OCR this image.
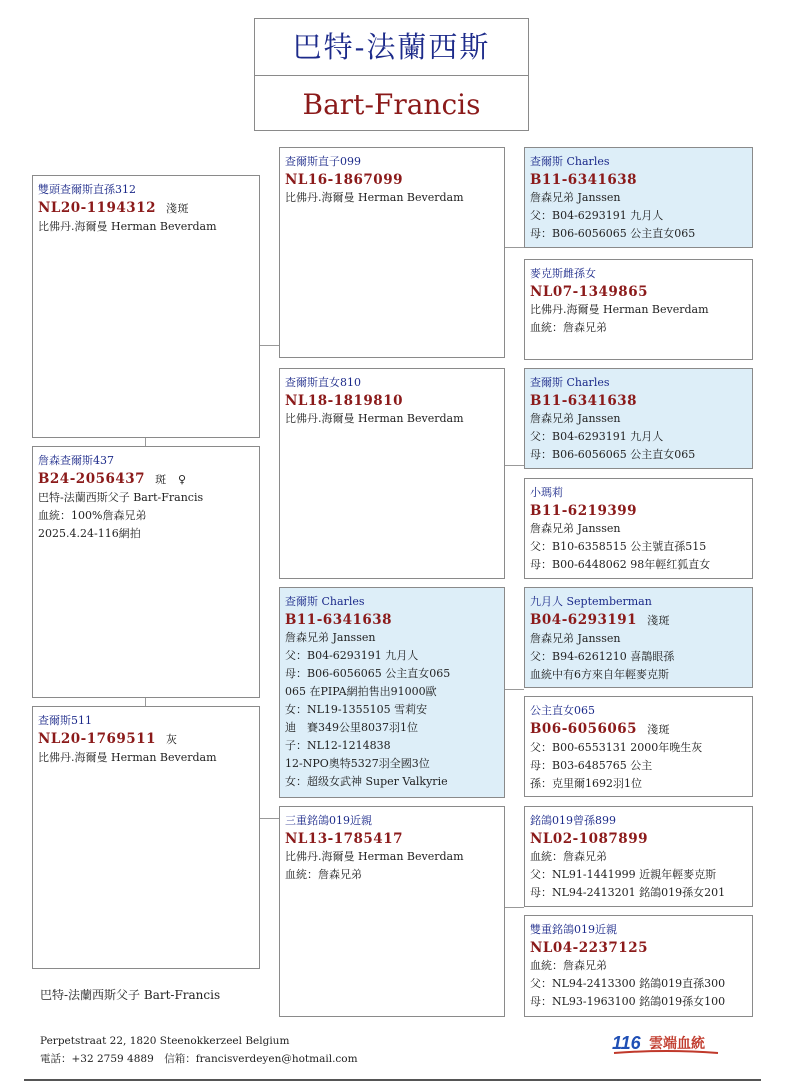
巴特-法蘭西斯
Bart-Francis
雙頭查爾斯直孫312
NL20-1194312 淺斑
比佛丹.海爾曼 Herman Beverdam
詹森查爾斯437
B24-2056437 斑　♀
巴特-法蘭西斯父子 Bart-Francis
血統：100%詹森兄弟
2025.4.24-116網拍
查爾斯511
NL20-1769511 灰
比佛丹.海爾曼 Herman Beverdam
查爾斯直子099
NL16-1867099
比佛丹.海爾曼 Herman Beverdam
查爾斯直女810
NL18-1819810
比佛丹.海爾曼 Herman Beverdam
查爾斯 Charles
B11-6341638
詹森兄弟 Janssen
父：B04-6293191 九月人
母：B06-6056065 公主直女065
065 在PIPA網拍售出91000歐
女：NL19-1355105 雪莉安
迪　賽349公里8037羽1位
子：NL12-1214838
12-NPO奧特5327羽全國3位
女：超级女武神 Super Valkyrie
三重銘鴿019近親
NL13-1785417
比佛丹.海爾曼 Herman Beverdam
血統：詹森兄弟
查爾斯 Charles
B11-6341638
詹森兄弟 Janssen
父：B04-6293191 九月人
母：B06-6056065 公主直女065
麥克斯雌孫女
NL07-1349865
比佛丹.海爾曼 Herman Beverdam
血統：詹森兄弟
查爾斯 Charles
B11-6341638
詹森兄弟 Janssen
父：B04-6293191 九月人
母：B06-6056065 公主直女065
小瑪莉
B11-6219399
詹森兄弟 Janssen
父：B10-6358515 公主號直孫515
母：B00-6448062 98年輕红狐直女
九月人 Septemberman
B04-6293191 淺斑
詹森兄弟 Janssen
父：B94-6261210 喜鵲眼孫
血統中有6方來自年輕麥克斯
公主直女065
B06-6056065 淺斑
父：B00-6553131 2000年晚生灰
母：B03-6485765 公主
孫：克里爾1692羽1位
銘鴿019曾孫899
NL02-1087899
血統：詹森兄弟
父：NL91-1441999 近親年輕麥克斯
母：NL94-2413201 銘鴿019孫女201
雙重銘鴿019近親
NL04-2237125
血統：詹森兄弟
父：NL94-2413300 銘鴿019直孫300
母：NL93-1963100 銘鴿019孫女100
巴特-法蘭西斯父子 Bart-Francis
Perpetstraat 22, 1820 Steenokkerzeel Belgium
電話：+32 2759 4889　信箱：francisverdeyen@hotmail.com
116 雲端血統
